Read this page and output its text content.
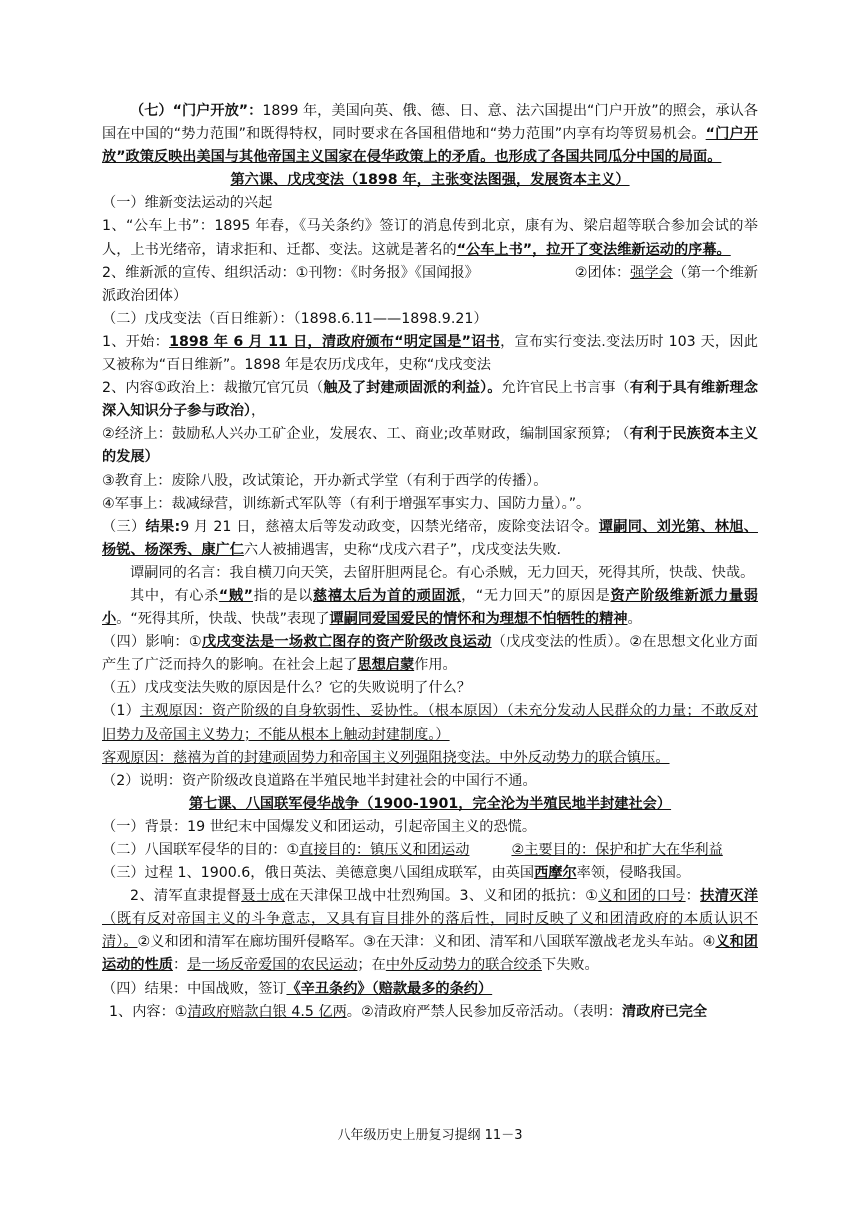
（七）“门户开放”：1899 年，美国向英、俄、德、日、意、法六国提出“门户开放”的照会，承认各国在中国的“势力范围”和既得特权，同时要求在各国租借地和“势力范围”内享有均等贸易机会。“门户开放”政策反映出美国与其他帝国主义国家在侵华政策上的矛盾。也形成了各国共同瓜分中国的局面。

第六课、戊戌变法（1898 年，主张变法图强，发展资本主义）

（一）维新变法运动的兴起

1、“公车上书”：1895 年春，《马关条约》签订的消息传到北京，康有为、梁启超等联合参加会试的举人，上书光绪帝，请求拒和、迁都、变法。这就是著名的“公车上书”，拉开了变法维新运动的序幕。

2、维新派的宣传、组织活动：①刊物：《时务报》《国闻报》	②团体：强学会（第一个维新派政治团体）

（二）戊戌变法（百日维新）：（1898.6.11——1898.9.21）

1、开始：1898 年 6 月 11 日，清政府颁布“明定国是”诏书，宣布实行变法.变法历时 103 天，因此又被称为“百日维新”。1898 年是农历戊戌年，史称“戊戌变法

2、内容①政治上：裁撤冗官冗员（触及了封建顽固派的利益）。允许官民上书言事（有利于具有维新理念深入知识分子参与政治），

②经济上：鼓励私人兴办工矿企业，发展农、工、商业;改革财政，编制国家预算; （有利于民族资本主义的发展）

③教育上：废除八股，改试策论，开办新式学堂（有利于西学的传播）。

④军事上：裁减绿营，训练新式军队等（有利于增强军事实力、国防力量）。”。

（三）结果:9 月 21 日，慈禧太后等发动政变，囚禁光绪帝，废除变法诏令。谭嗣同、刘光第、林旭、杨锐、杨深秀、康广仁六人被捕遇害，史称“戊戌六君子”，戊戌变法失败.

谭嗣同的名言：我自横刀向天笑，去留肝胆两昆仑。有心杀贼，无力回天，死得其所，快哉、快哉。

其中，有心杀“贼”指的是以慈禧太后为首的顽固派，“无力回天”的原因是资产阶级维新派力量弱小。“死得其所，快哉、快哉”表现了谭嗣同爱国爱民的情怀和为理想不怕牺牲的精神。

（四）影响：①戊戌变法是一场救亡图存的资产阶级改良运动（戊戌变法的性质）。②在思想文化业方面产生了广泛而持久的影响。在社会上起了思想启蒙作用。

（五）戊戌变法失败的原因是什么？它的失败说明了什么？

（1）主观原因：资产阶级的自身软弱性、妥协性。（根本原因）（未充分发动人民群众的力量；不敢反对旧势力及帝国主义势力；不能从根本上触动封建制度。）

客观原因：慈禧为首的封建顽固势力和帝国主义列强阻挠变法。中外反动势力的联合镇压。

（2）说明：资产阶级改良道路在半殖民地半封建社会的中国行不通。

第七课、八国联军侵华战争（1900-1901，完全沦为半殖民地半封建社会）

（一）背景：19 世纪末中国爆发义和团运动，引起帝国主义的恐慌。

（二）八国联军侵华的目的：①直接目的：镇压义和团运动	②主要目的：保护和扩大在华利益

（三）过程 1、1900.6，俄日英法、美德意奥八国组成联军，由英国西摩尔率领，侵略我国。

2、清军直隶提督聂士成在天津保卫战中壮烈殉国。3、义和团的抵抗：①义和团的口号：扶清灭洋（既有反对帝国主义的斗争意志，又具有盲目排外的落后性，同时反映了义和团清政府的本质认识不清）。②义和团和清军在廊坊围歼侵略军。③在天津：义和团、清军和八国联军激战老龙头车站。④义和团运动的性质：是一场反帝爱国的农民运动；在中外反动势力的联合绞杀下失败。

（四）结果：中国战败，签订《辛丑条约》（赔款最多的条约）

1、内容：①清政府赔款白银 4.5 亿两。②清政府严禁人民参加反帝活动。（表明：清政府已完全

八年级历史上册复习提纲 11－3
